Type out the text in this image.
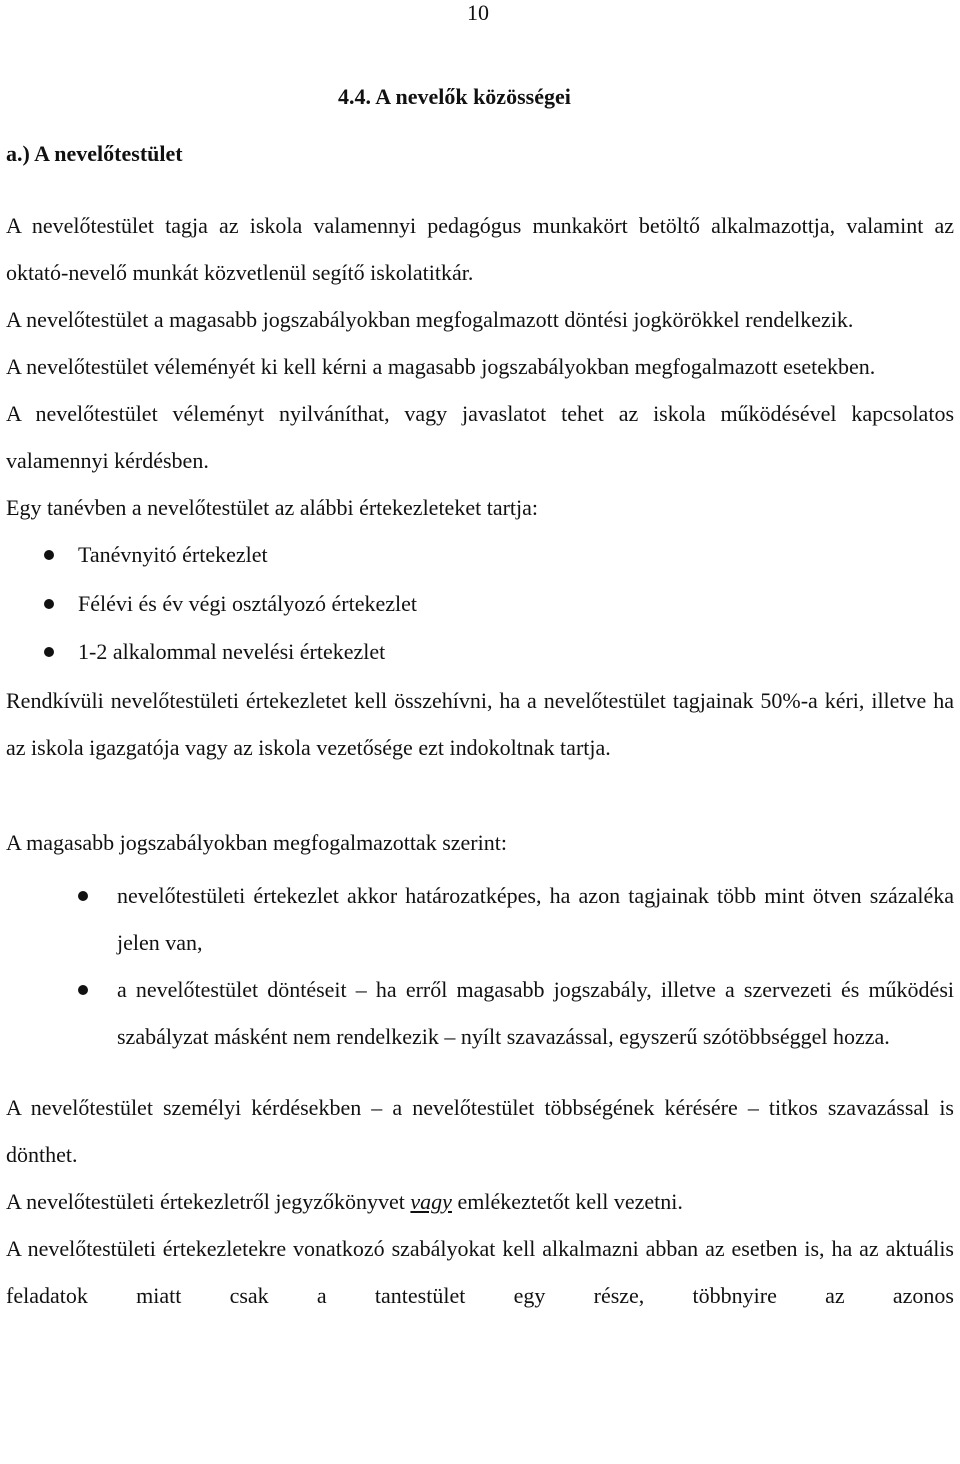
10
4.4. A nevelők közösségei
a.) A nevelőtestület

A nevelőtestület tagja az iskola valamennyi pedagógus munkakört betöltő alkalmazottja, valamint az oktató-nevelő munkát közvetlenül segítő iskolatitkár.

A nevelőtestület a magasabb jogszabályokban megfogalmazott döntési jogkörökkel rendelkezik.

A nevelőtestület véleményét ki kell kérni a magasabb jogszabályokban megfogalmazott esetekben.

A nevelőtestület véleményt nyilváníthat, vagy javaslatot tehet az iskola működésével kapcsolatos valamennyi kérdésben.

Egy tanévben a nevelőtestület az alábbi értekezleteket tartja:

Tanévnyitó értekezlet
Félévi és év végi osztályozó értekezlet
1-2 alkalommal nevelési értekezlet

Rendkívüli nevelőtestületi értekezletet kell összehívni, ha a nevelőtestület tagjainak 50%-a kéri, illetve ha az iskola igazgatója vagy az iskola vezetősége ezt indokoltnak tartja.

A magasabb jogszabályokban megfogalmazottak szerint:

nevelőtestületi értekezlet akkor határozatképes, ha azon tagjainak több mint ötven százaléka jelen van,
a nevelőtestület döntéseit – ha erről magasabb jogszabály, illetve a szervezeti és működési szabályzat másként nem rendelkezik – nyílt szavazással, egyszerű szótöbbséggel hozza.

A nevelőtestület személyi kérdésekben – a nevelőtestület többségének kérésére – titkos szavazással is dönthet.

A nevelőtestületi értekezletről jegyzőkönyvet vagy emlékeztetőt kell vezetni.

A nevelőtestületi értekezletekre vonatkozó szabályokat kell alkalmazni abban az esetben is, ha az aktuális feladatok miatt csak a tantestület egy része, többnyire az azonos
